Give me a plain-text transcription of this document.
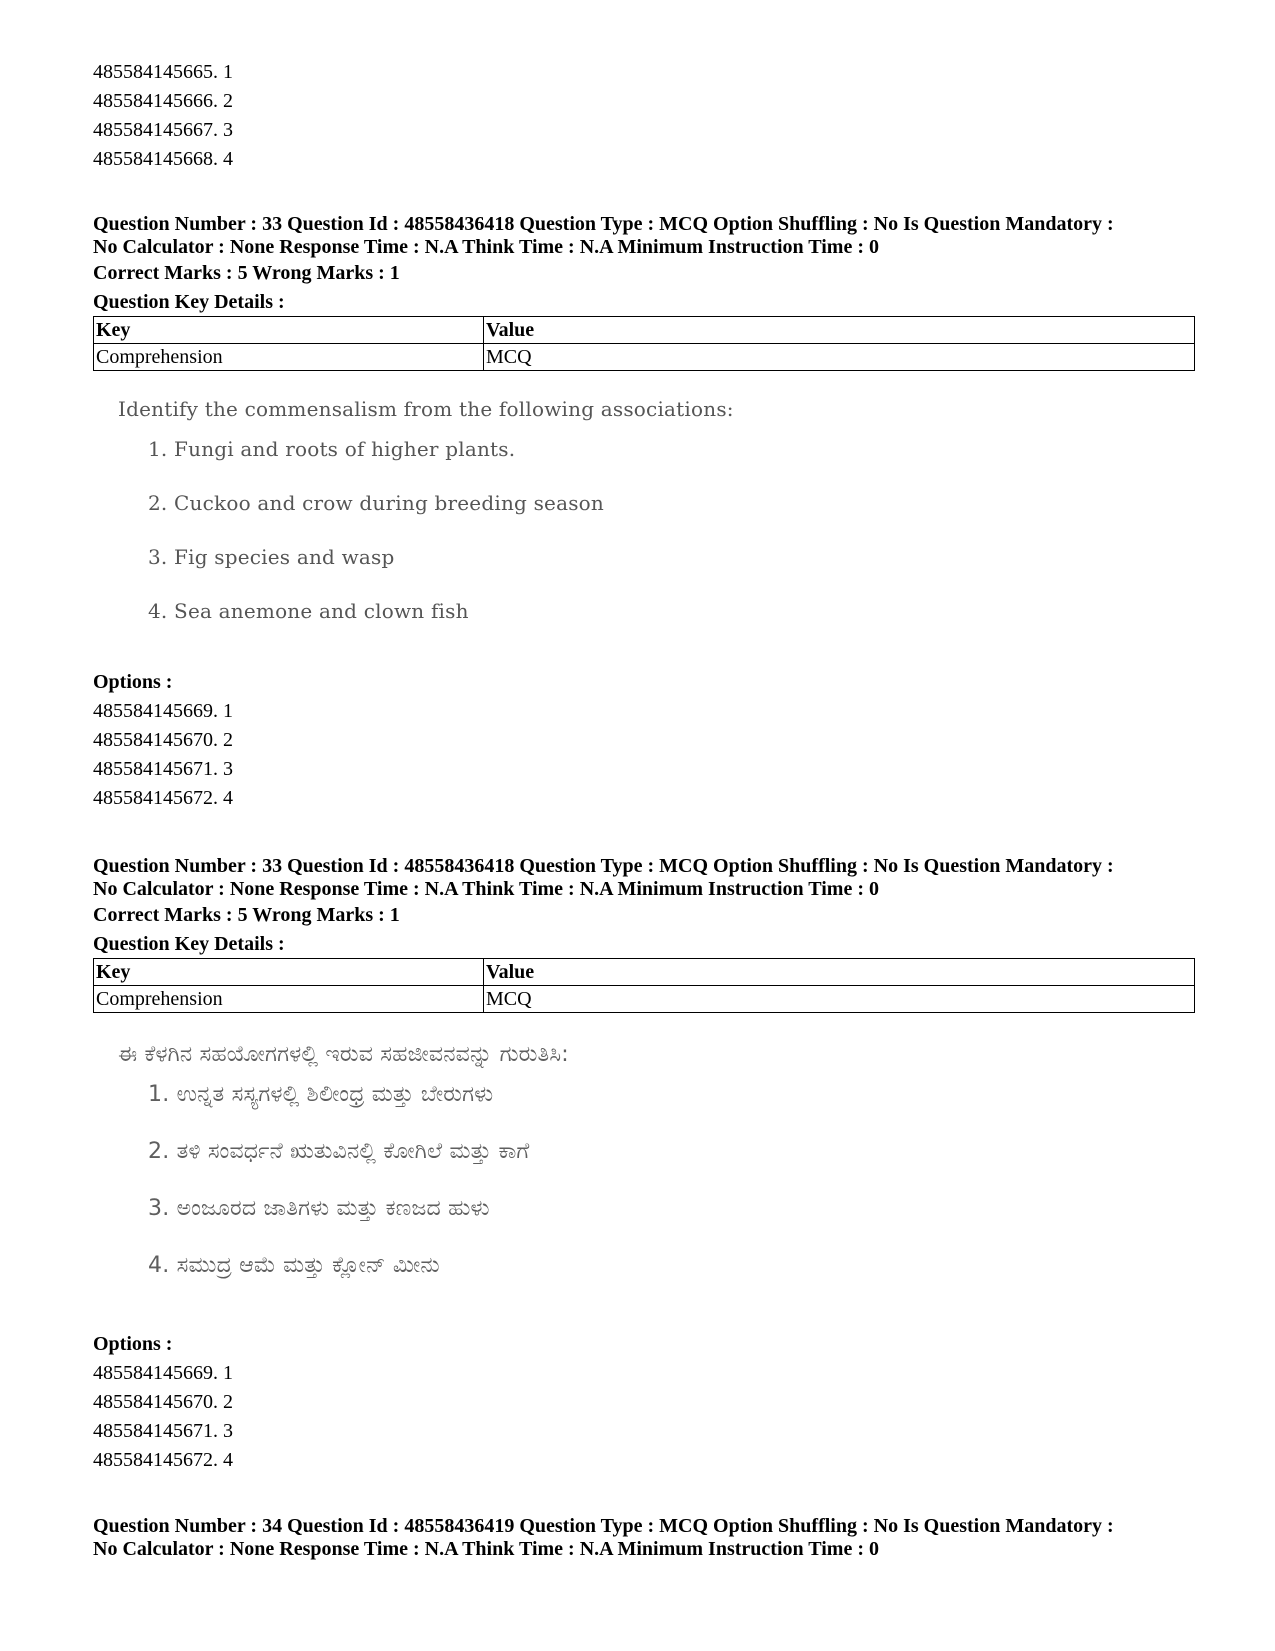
485584145665. 1

485584145666. 2

485584145667. 3

485584145668. 4

Question Number : 33 Question Id : 48558436418 Question Type : MCQ Option Shuffling : No Is Question Mandatory :

No Calculator : None Response Time : N.A Think Time : N.A Minimum Instruction Time : 0

Correct Marks : 5 Wrong Marks : 1

Question Key Details :

Key	Value
Comprehension	MCQ
Identify the commensalism from the following associations:
1. Fungi and roots of higher plants.
2. Cuckoo and crow during breeding season
3. Fig species and wasp
4. Sea anemone and clown fish

Options :

485584145669. 1

485584145670. 2

485584145671. 3

485584145672. 4

Question Number : 33 Question Id : 48558436418 Question Type : MCQ Option Shuffling : No Is Question Mandatory :

No Calculator : None Response Time : N.A Think Time : N.A Minimum Instruction Time : 0

Correct Marks : 5 Wrong Marks : 1

Question Key Details :

Key	Value
Comprehension	MCQ
ಈ ಕೆಳಗಿನ ಸಹಯೋಗಗಳಲ್ಲಿ ಇರುವ ಸಹಜೀವನವನ್ನು ಗುರುತಿಸಿ:
1. ಉನ್ನತ ಸಸ್ಯಗಳಲ್ಲಿ ಶಿಲೀಂಧ್ರ ಮತ್ತು ಬೇರುಗಳು
2. ತಳಿ ಸಂವರ್ಧನೆ ಋತುವಿನಲ್ಲಿ ಕೋಗಿಲೆ ಮತ್ತು ಕಾಗೆ
3. ಅಂಜೂರದ ಜಾತಿಗಳು ಮತ್ತು ಕಣಜದ ಹುಳು
4. ಸಮುದ್ರ ಆಮೆ ಮತ್ತು ಕ್ಲೋನ್ ಮೀನು

Options :

485584145669. 1

485584145670. 2

485584145671. 3

485584145672. 4

Question Number : 34 Question Id : 48558436419 Question Type : MCQ Option Shuffling : No Is Question Mandatory :

No Calculator : None Response Time : N.A Think Time : N.A Minimum Instruction Time : 0
